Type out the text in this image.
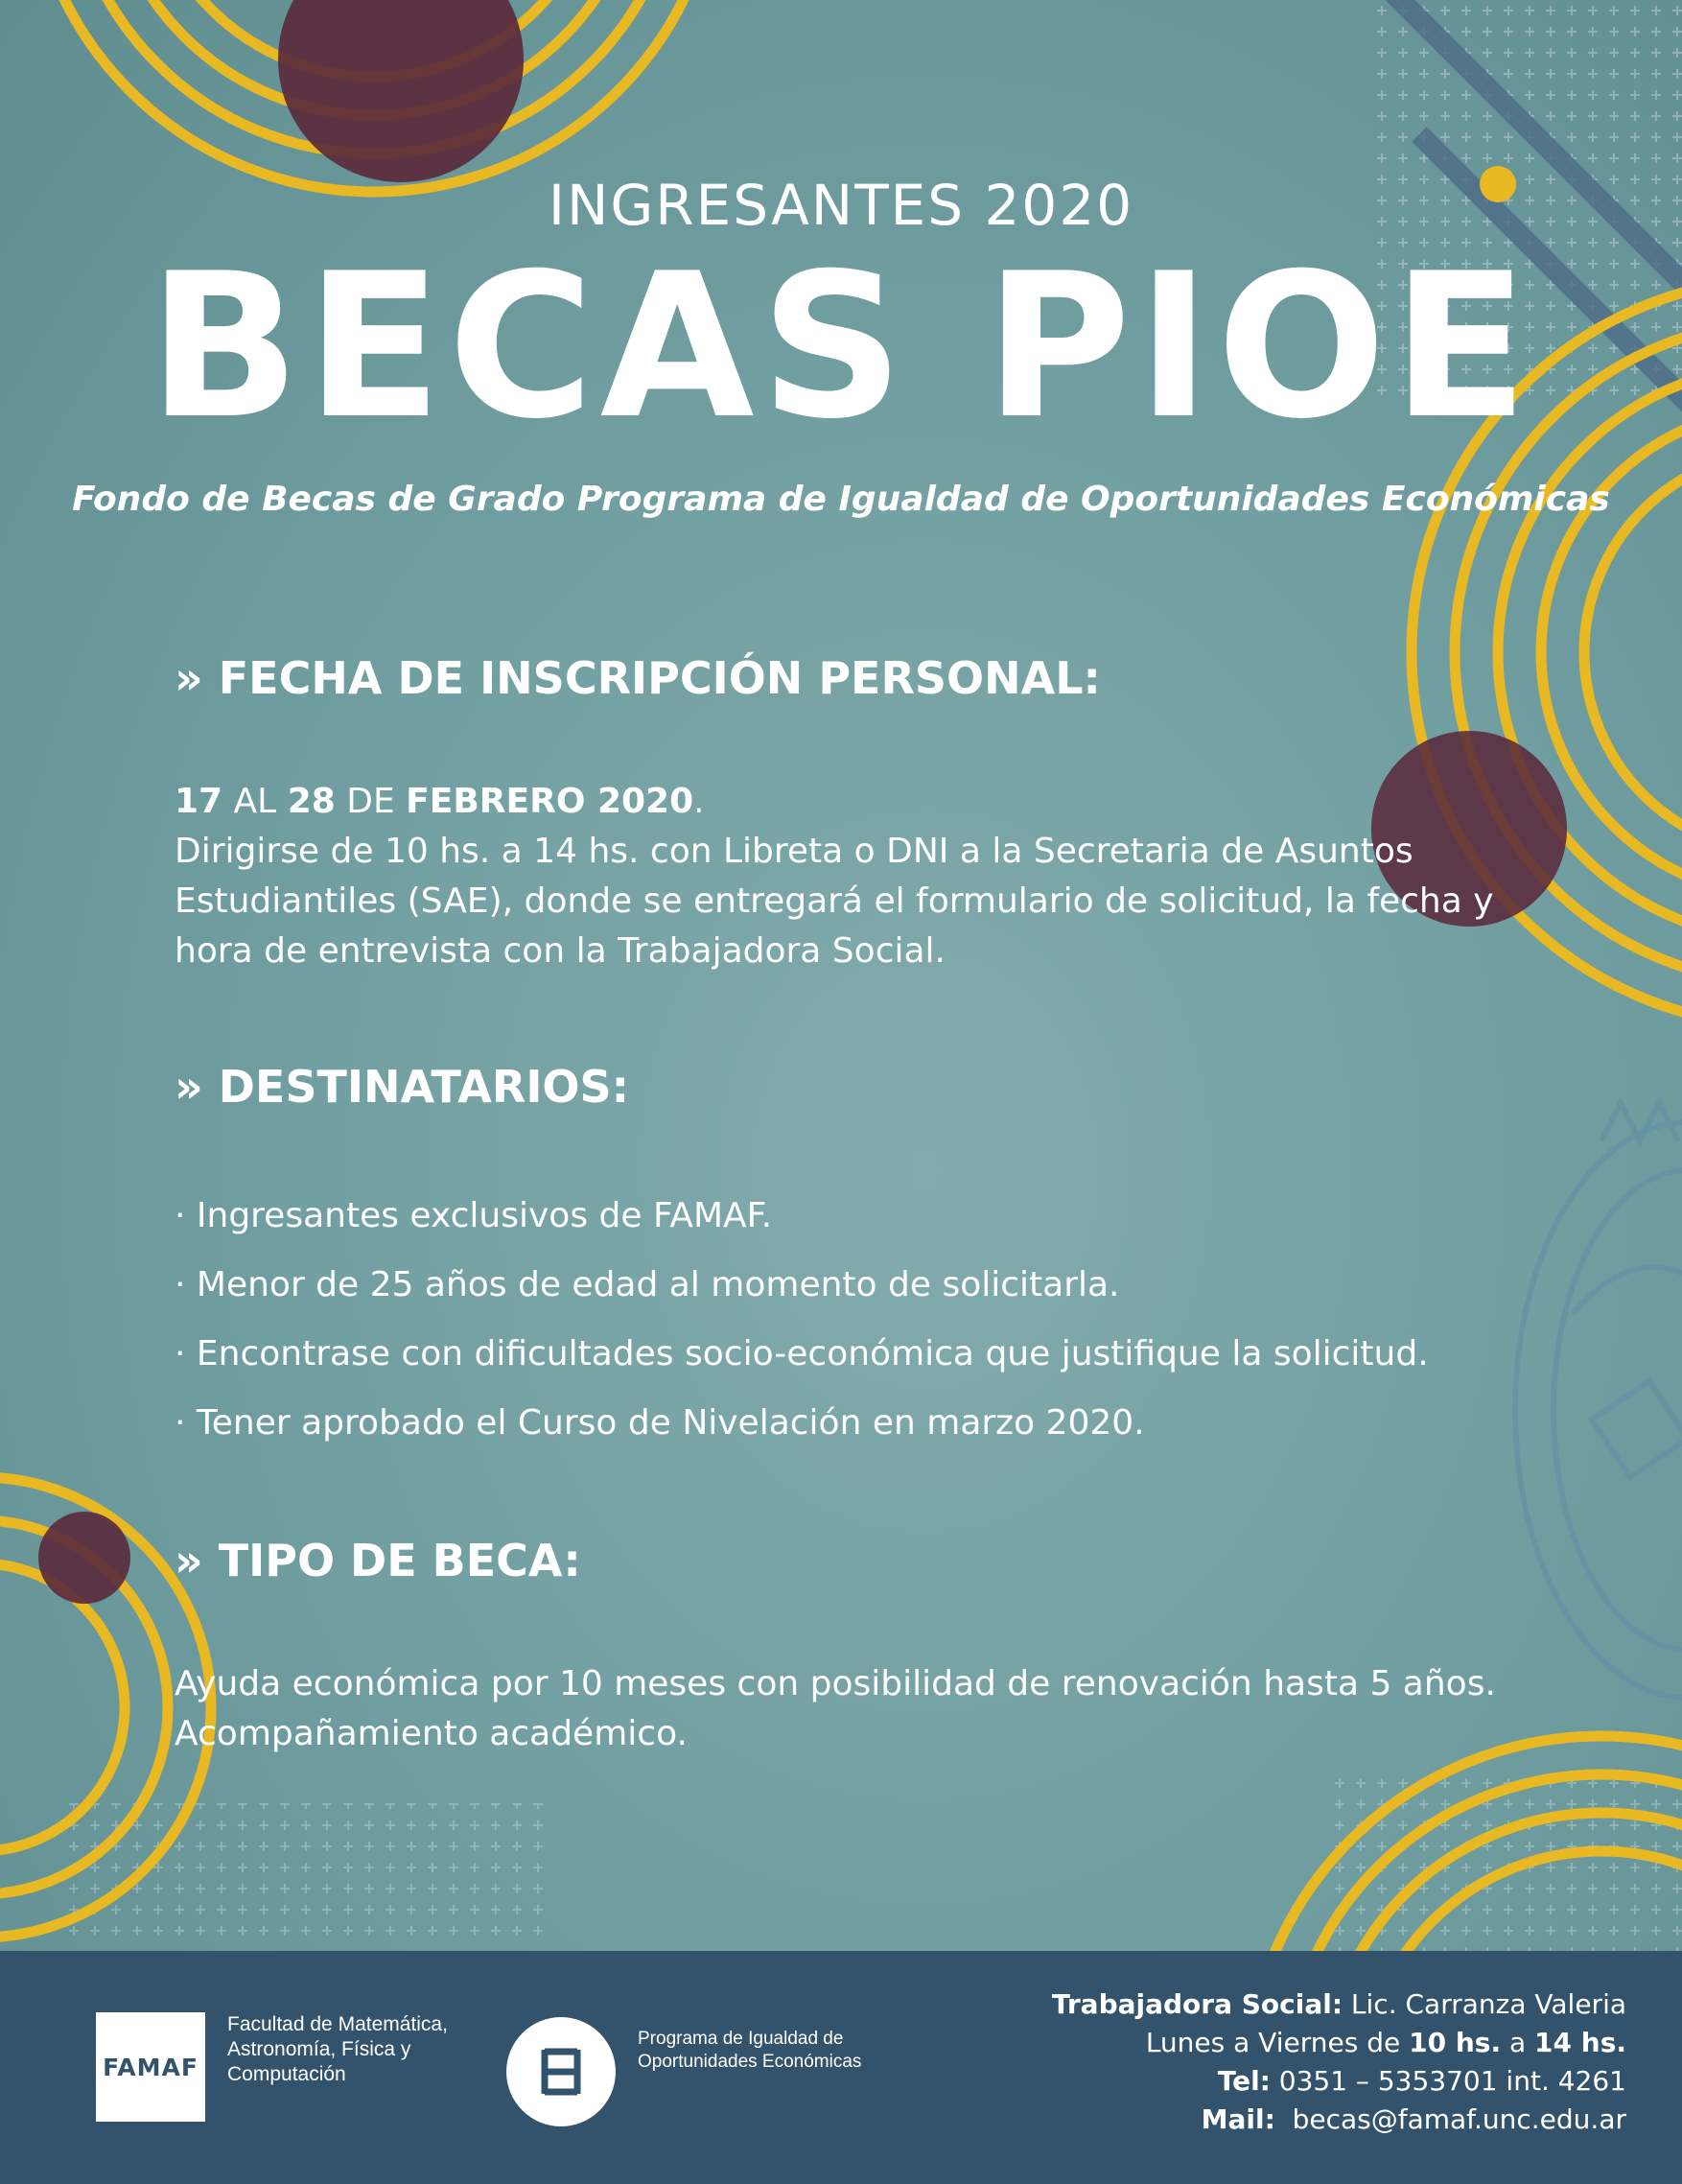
INGRESANTES 2020
BECAS PIOE

Fondo de Becas de Grado Programa de Igualdad de Oportunidades Económicas

» FECHA DE INSCRIPCIÓN PERSONAL:
17 AL 28 DE FEBRERO 2020.
Dirigirse de 10 hs. a 14 hs. con Libreta o DNI a la Secretaria de Asuntos Estudiantiles (SAE), donde se entregará el formulario de solicitud, la fecha y hora de entrevista con la Trabajadora Social.
» DESTINATARIOS:
· Ingresantes exclusivos de FAMAF.
· Menor de 25 años de edad al momento de solicitarla.
· Encontrase con dificultades socio-económica que justifique la solicitud.
· Tener aprobado el Curso de Nivelación en marzo 2020.
» TIPO DE BECA:
Ayuda económica por 10 meses con posibilidad de renovación hasta 5 años.
Acompañamiento académico.
FAMAF
Facultad de Matemática, Astronomía, Física y Computación
Programa de Igualdad de Oportunidades Económicas
Trabajadora Social: Lic. Carranza Valeria
Lunes a Viernes de 10 hs. a 14 hs.
Tel: 0351 – 5353701 int. 4261
Mail:  becas@famaf.unc.edu.ar
